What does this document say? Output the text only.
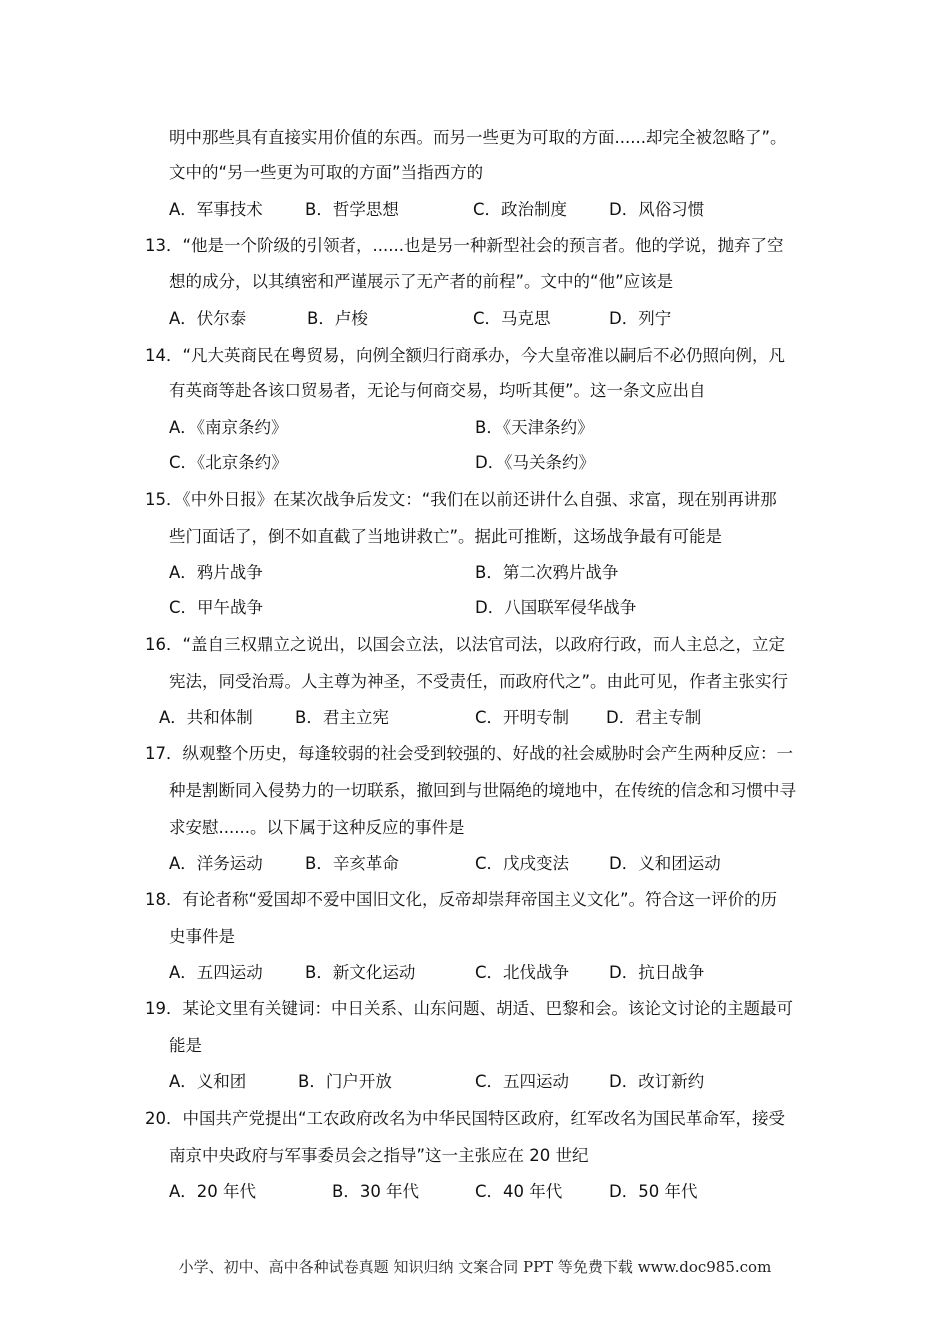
明中那些具有直接实用价值的东西。而另一些更为可取的方面......却完全被忽略了”。
文中的“另一些更为可取的方面”当指西方的
A．军事技术	B．哲学思想	C．政治制度	D．风俗习惯
13．“他是一个阶级的引领者，......也是另一种新型社会的预言者。他的学说，抛弃了空
想的成分，以其缜密和严谨展示了无产者的前程”。文中的“他”应该是
A．伏尔泰	B．卢梭	C．马克思	D．列宁
14．“凡大英商民在粤贸易，向例全额归行商承办，今大皇帝准以嗣后不必仍照向例，凡
有英商等赴各该口贸易者，无论与何商交易，均听其便”。这一条文应出自
A．《南京条约》	B．《天津条约》
C．《北京条约》	D．《马关条约》
15．《中外日报》在某次战争后发文：“我们在以前还讲什么自强、求富，现在别再讲那
些门面话了，倒不如直截了当地讲救亡”。据此可推断，这场战争最有可能是
A．鸦片战争	B．第二次鸦片战争
C．甲午战争	D．八国联军侵华战争
16．“盖自三权鼎立之说出，以国会立法，以法官司法，以政府行政，而人主总之，立定
宪法，同受治焉。人主尊为神圣，不受责任，而政府代之”。由此可见，作者主张实行
A．共和体制	B．君主立宪	C．开明专制 D．君主专制
17．纵观整个历史，每逢较弱的社会受到较强的、好战的社会威胁时会产生两种反应：一
种是割断同入侵势力的一切联系，撤回到与世隔绝的境地中，在传统的信念和习惯中寻
求安慰......。以下属于这种反应的事件是
A．洋务运动	B．辛亥革命	C．戊戌变法 D．义和团运动
18．有论者称“爱国却不爱中国旧文化，反帝却崇拜帝国主义文化”。符合这一评价的历
史事件是
A．五四运动	B．新文化运动	C．北伐战争 D．抗日战争
19．某论文里有关键词：中日关系、山东问题、胡适、巴黎和会。该论文讨论的主题最可
能是
A．义和团	B．门户开放	C．五四运动 D．改订新约
20．中国共产党提出“工农政府改名为中华民国特区政府，红军改名为国民革命军，接受
南京中央政府与军事委员会之指导”这一主张应在 20 世纪
A．20 年代	B．30 年代	C．40 年代	D．50 年代
小学、初中、高中各种试卷真题 知识归纳 文案合同 PPT 等免费下载 www.doc985.com
